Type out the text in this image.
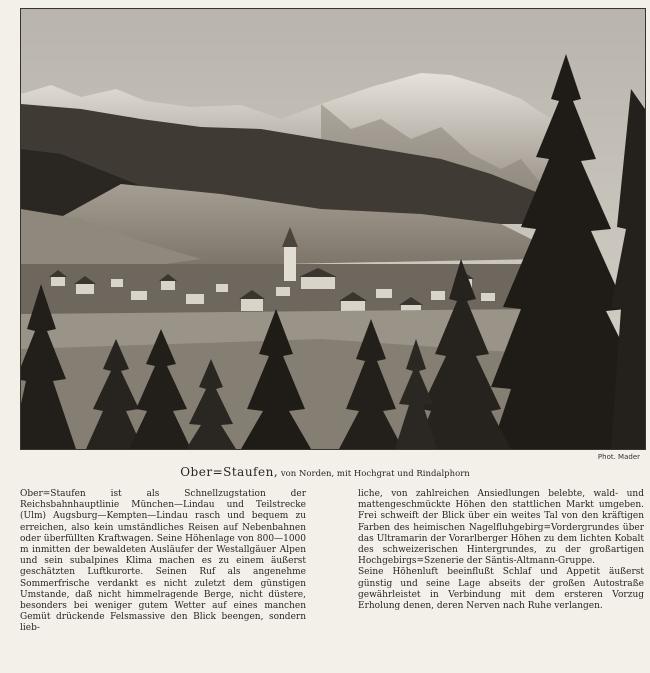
Phot. Mader
Ober=Staufen, von Norden, mit Hochgrat und Rindalphorn

Ober=Staufen ist als Schnellzugstation der Reichsbahnhauptlinie München—Lindau und Teilstrecke (Ulm) Augsburg—Kempten—Lindau rasch und bequem zu erreichen, also kein umständliches Reisen auf Nebenbahnen oder überfüllten Kraftwagen. Seine Höhenlage von 800—1000 m inmitten der bewaldeten Ausläufer der Westallgäuer Alpen und sein subalpines Klima machen es zu einem äußerst geschätzten Luftkurorte. Seinen Ruf als angenehme Sommerfrische verdankt es nicht zuletzt dem günstigen Umstande, daß nicht himmelragende Berge, nicht düstere, besonders bei weniger gutem Wetter auf eines manchen Gemüt drückende Felsmassive den Blick beengen, sondern lieb-

liche, von zahlreichen Ansiedlungen belebte, wald- und mattengeschmückte Höhen den stattlichen Markt umgeben. Frei schweift der Blick über ein weites Tal von den kräftigen Farben des heimischen Nagelfluhgebirg=Vordergrundes über das Ultramarin der Vorarlberger Höhen zu dem lichten Kobalt des schweizerischen Hintergrundes, zu der großartigen Hochgebirgs=Szenerie der Säntis-Altmann-Gruppe.

Seine Höhenluft beeinflußt Schlaf und Appetit äußerst günstig und seine Lage abseits der großen Autostraße gewährleistet in Verbindung mit dem ersteren Vorzug Erholung denen, deren Nerven nach Ruhe verlangen.
